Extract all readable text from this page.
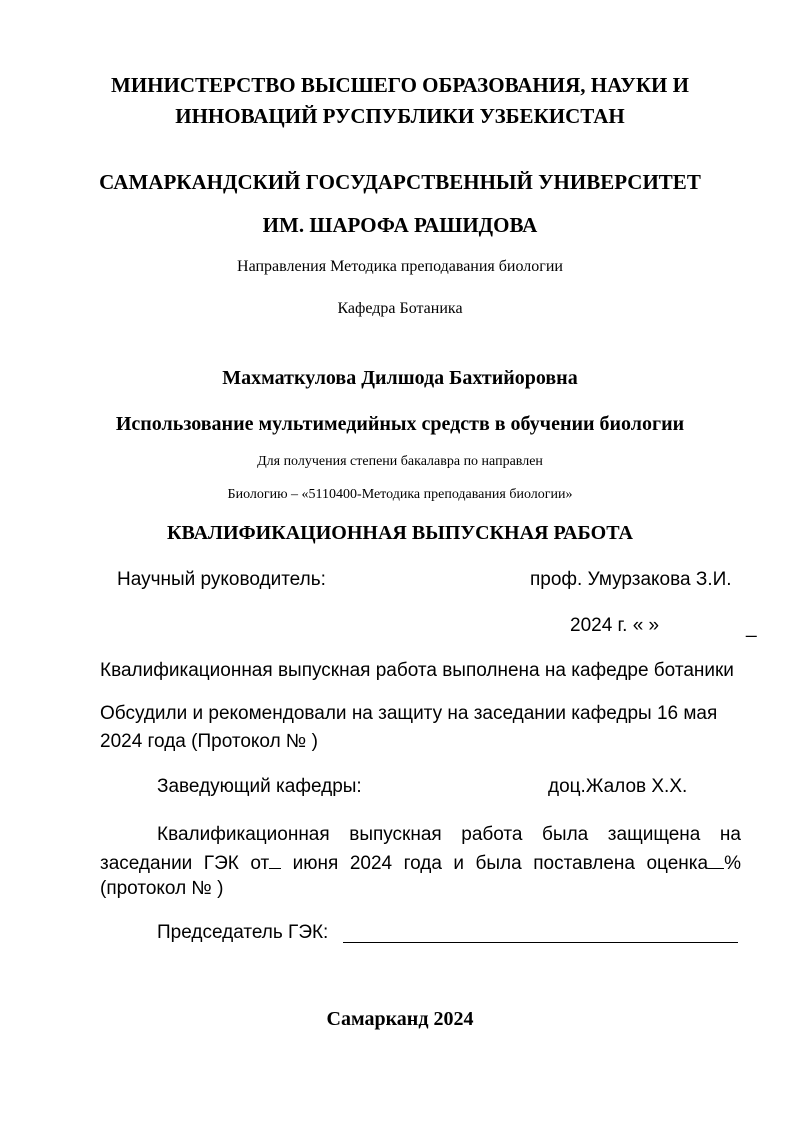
МИНИСТЕРСТВО ВЫСШЕГО ОБРАЗОВАНИЯ, НАУКИ И
ИННОВАЦИЙ РУСПУБЛИКИ УЗБЕКИСТАН
САМАРКАНДСКИЙ ГОСУДАРСТВЕННЫЙ УНИВЕРСИТЕТ
ИМ. ШАРОФА РАШИДОВА
Направления Методика преподавания биологии
Кафедра Ботаника
Махматкулова Дилшода Бахтийоровна
Использование мультимедийных средств в обучении биологии
Для получения степени бакалавра по направлен
Биологию – «5110400-Методика преподавания биологии»
КВАЛИФИКАЦИОННАЯ ВЫПУСКНАЯ РАБОТА
Научный руководитель:	проф. Умурзакова З.И.
2024 г. « »	_
Квалификационная выпускная работа выполнена на кафедре ботаники
Обсудили и рекомендовали на защиту на заседании кафедры 16 мая
2024 года (Протокол № )
Заведующий кафедры:	доц.Жалов Х.Х.
Квалификационная выпускная работа была защищена на
заседании ГЭК от июня 2024 года и была поставлена оценка %
(протокол № )
Председатель ГЭК:
Самарканд 2024
